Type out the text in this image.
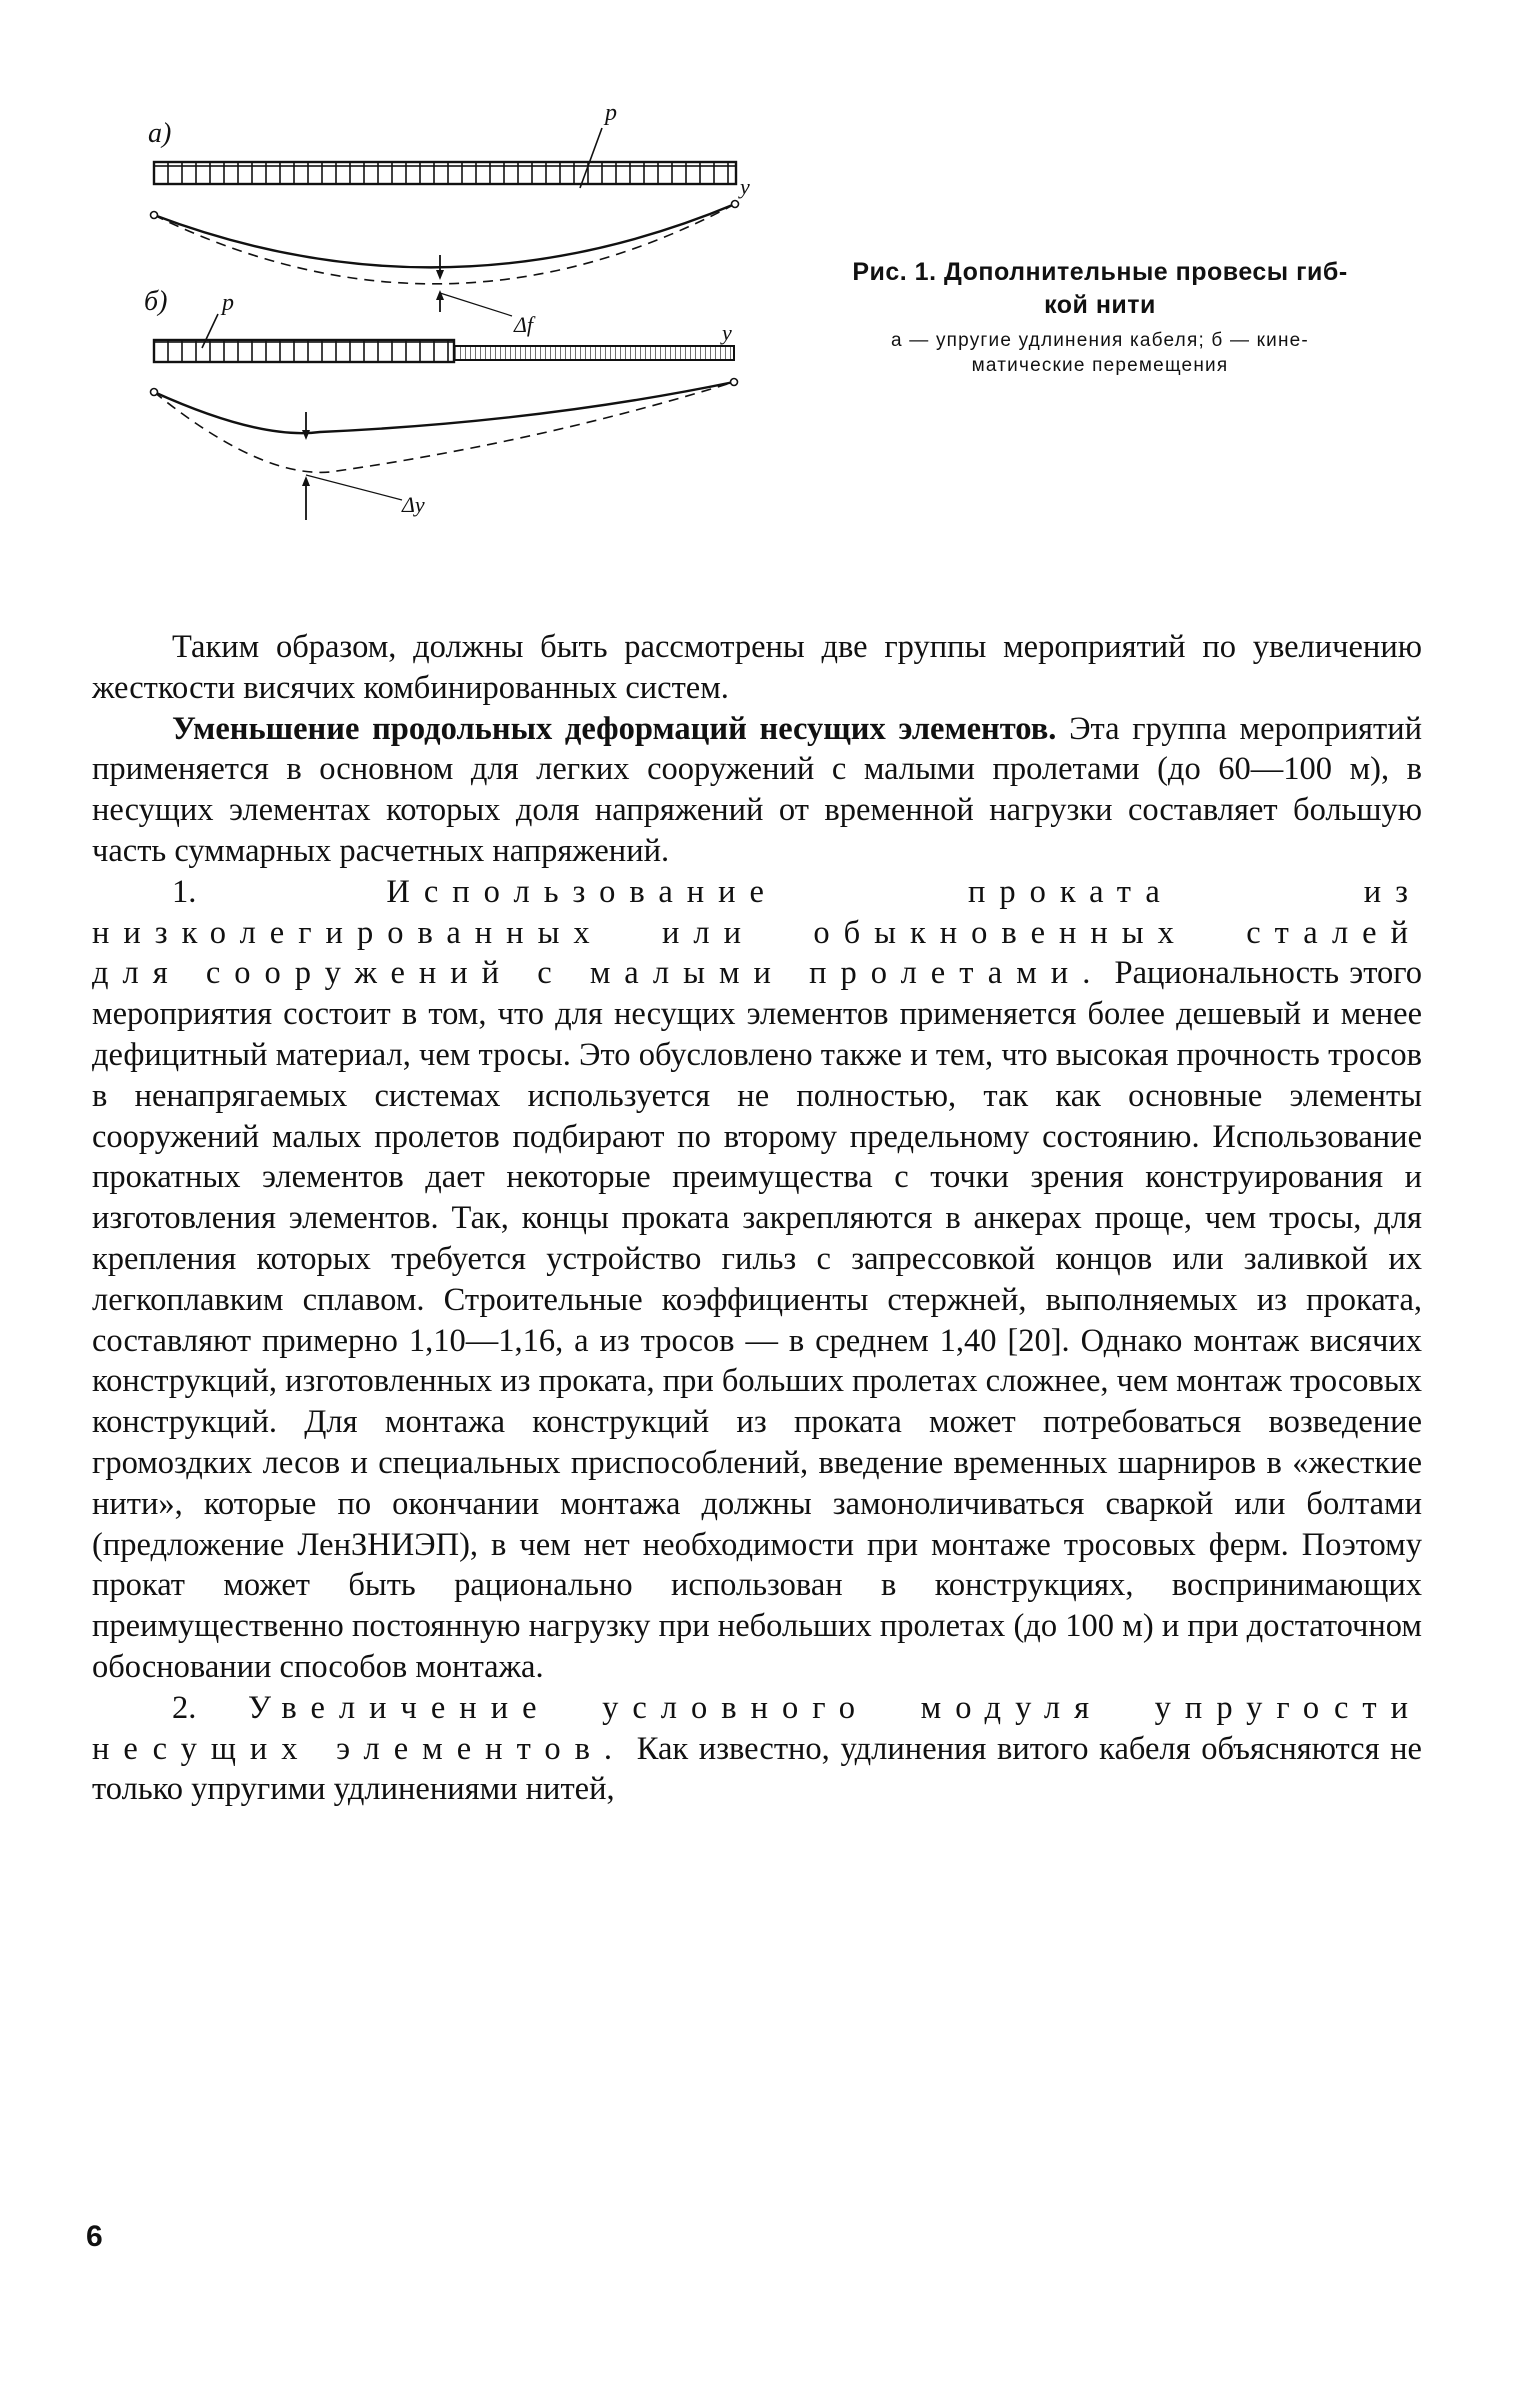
а)
p
y
Δf
б) p
y
Δy
Рис. 1. Дополнительные провесы гиб-
кой нити
а — упругие удлинения кабеля; б — кине-
матические перемещения

Таким образом, должны быть рассмотрены две группы мероприятий по увеличению жесткости висячих комбинированных систем.

Уменьшение продольных деформаций несущих элементов. Эта группа мероприятий применяется в основном для легких сооружений с малыми пролетами (до 60—100 м), в несущих элементах которых доля напряжений от временной нагрузки составляет большую часть суммарных расчетных напряжений.

1. Использование проката из низколегированных или обыкновенных сталей для сооружений с малыми пролетами. Рациональность этого мероприятия состоит в том, что для несущих элементов применяется более дешевый и менее дефицитный материал, чем тросы. Это обусловлено также и тем, что высокая прочность тросов в ненапрягаемых системах используется не полностью, так как основные элементы сооружений малых пролетов подбирают по второму предельному состоянию. Использование прокатных элементов дает некоторые преимущества с точки зрения конструирования и изготовления элементов. Так, концы проката закрепляются в анкерах проще, чем тросы, для крепления которых требуется устройство гильз с запрессовкой концов или заливкой их легкоплавким сплавом. Строительные коэффициенты стержней, выполняемых из проката, составляют примерно 1,10—1,16, а из тросов — в среднем 1,40 [20]. Однако монтаж висячих конструкций, изготовленных из проката, при больших пролетах сложнее, чем монтаж тросовых конструкций. Для монтажа конструкций из проката может потребоваться возведение громоздких лесов и специальных приспособлений, введение временных шарниров в «жесткие нити», которые по окончании монтажа должны замоноличиваться сваркой или болтами (предложение ЛенЗНИЭП), в чем нет необходимости при монтаже тросовых ферм. Поэтому прокат может быть рационально использован в конструкциях, воспринимающих преимущественно постоянную нагрузку при небольших пролетах (до 100 м) и при достаточном обосновании способов монтажа.

2. Увеличение условного модуля упругости несущих элементов. Как известно, удлинения витого кабеля объясняются не только упругими удлинениями нитей,

6
